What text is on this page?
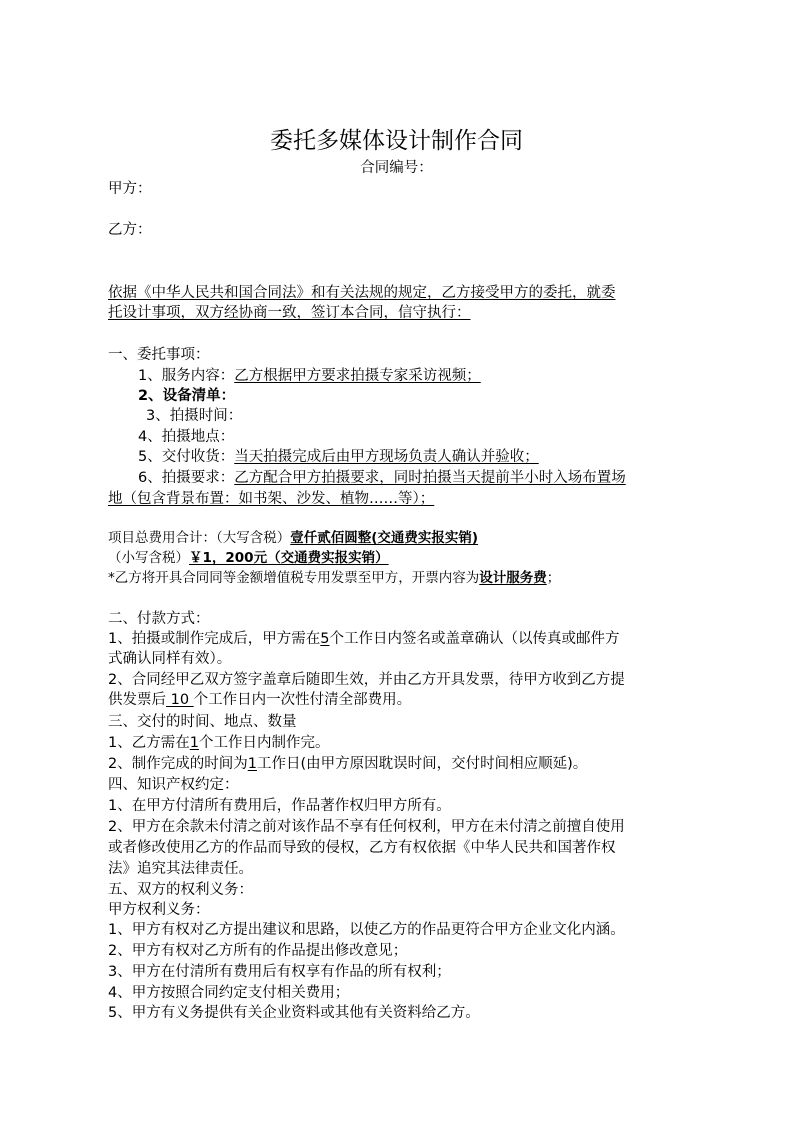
委托多媒体设计制作合同
合同编号：
甲方：
乙方：
依据《中华人民共和国合同法》和有关法规的规定，乙方接受甲方的委托，就委
托设计事项，双方经协商一致，签订本合同，信守执行：
一、委托事项：
1、服务内容：乙方根据甲方要求拍摄专家采访视频；
2、设备清单：
3、拍摄时间：
4、拍摄地点：
5、交付收货：当天拍摄完成后由甲方现场负责人确认并验收；
6、拍摄要求：乙方配合甲方拍摄要求，同时拍摄当天提前半小时入场布置场
地（包含背景布置：如书架、沙发、植物……等）；
项目总费用合计：（大写含税）壹仟贰佰圆整(交通费实报实销)
（小写含税）￥1，200元（交通费实报实销）
*乙方将开具合同同等金额增值税专用发票至甲方，开票内容为设计服务费；
二、付款方式：
1、拍摄或制作完成后，甲方需在5个工作日内签名或盖章确认（以传真或邮件方
式确认同样有效）。
2、合同经甲乙双方签字盖章后随即生效，并由乙方开具发票，待甲方收到乙方提
供发票后 10 个工作日内一次性付清全部费用。
三、交付的时间、地点、数量
1、乙方需在1个工作日内制作完。
2、制作完成的时间为1工作日(由甲方原因耽误时间，交付时间相应顺延)。
四、知识产权约定：
1、在甲方付清所有费用后，作品著作权归甲方所有。
2、甲方在余款未付清之前对该作品不享有任何权利，甲方在未付清之前擅自使用
或者修改使用乙方的作品而导致的侵权，乙方有权依据《中华人民共和国著作权
法》追究其法律责任。
五、双方的权利义务：
甲方权利义务：
1、甲方有权对乙方提出建议和思路，以使乙方的作品更符合甲方企业文化内涵。
2、甲方有权对乙方所有的作品提出修改意见；
3、甲方在付清所有费用后有权享有作品的所有权利；
4、甲方按照合同约定支付相关费用；
5、甲方有义务提供有关企业资料或其他有关资料给乙方。
